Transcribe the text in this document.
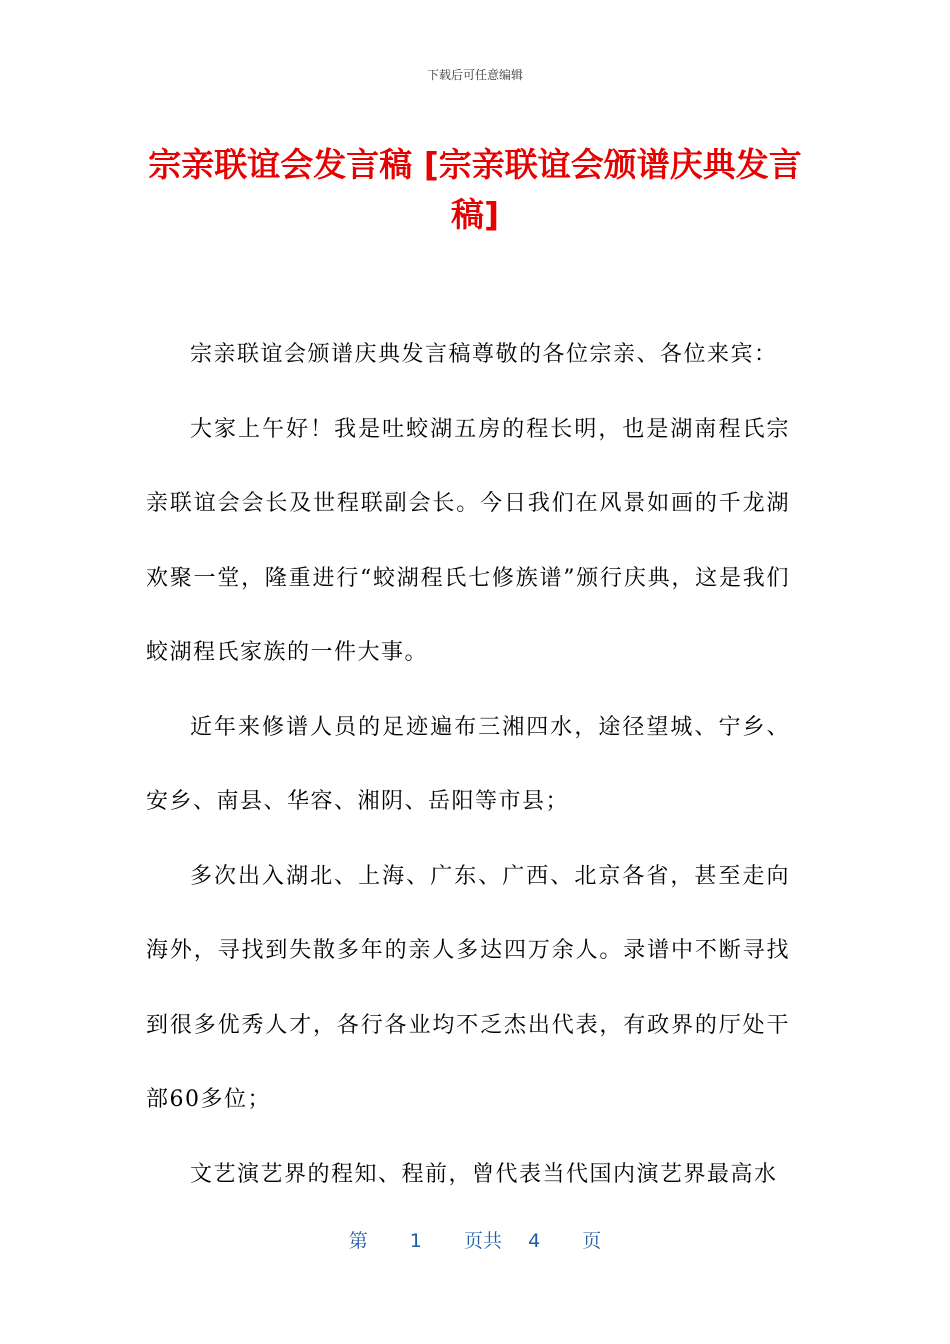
下载后可任意编辑
宗亲联谊会发言稿 [宗亲联谊会颁谱庆典发言稿]

宗亲联谊会颁谱庆典发言稿尊敬的各位宗亲、各位来宾：

大家上午好！我是吐蛟湖五房的程长明，也是湖南程氏宗亲联谊会会长及世程联副会长。今日我们在风景如画的千龙湖欢聚一堂，隆重进行“蛟湖程氏七修族谱”颁行庆典，这是我们蛟湖程氏家族的一件大事。

近年来修谱人员的足迹遍布三湘四水，途径望城、宁乡、安乡、南县、华容、湘阴、岳阳等市县；

多次出入湖北、上海、广东、广西、北京各省，甚至走向海外，寻找到失散多年的亲人多达四万余人。录谱中不断寻找到很多优秀人才，各行各业均不乏杰出代表，有政界的厅处干部60多位；

文艺演艺界的程知、程前，曾代表当代国内演艺界最高水

第 1 页共 4 页
